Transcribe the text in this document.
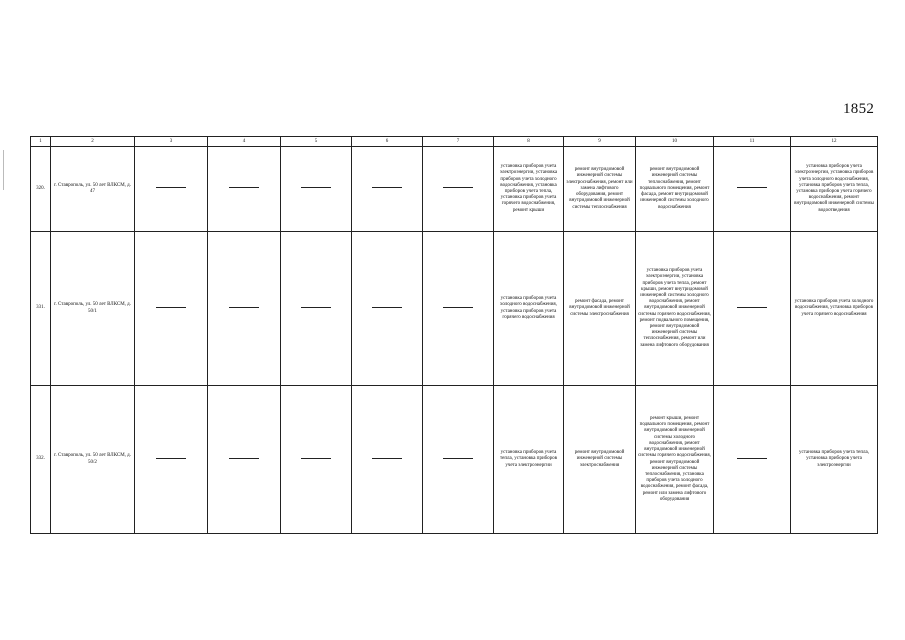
1852
1	2	3	4	5	6	7	8	9	10	11	12
320.	г. Ставрополь, ул. 50 лет ВЛКСМ, д. 47						установка приборов учета электроэнергии, установка приборов учета холодного водоснабжения, установка приборов учета тепла, установка приборов учета горячего водоснабжения, ремонт крыши	ремонт внутридомовой инженерной системы электроснабжения, ремонт или замена лифтового оборудования, ремонт внутридомовой инженерной системы теплоснабжения	ремонт внутридомовой инженерной системы теплоснабжения, ремонт подвального помещения, ремонт фасада, ремонт внутридомовой инженерной системы холодного водоснабжения		установка приборов учета электроэнергии, установка приборов учета холодного водоснабжения, установка приборов учета тепла, установка приборов учета горячего водоснабжения, ремонт внутридомовой инженерной системы водоотведения
331.	г. Ставрополь, ул. 50 лет ВЛКСМ, д. 50/1						установка приборов учета холодного водоснабжения, установка приборов учета горячего водоснабжения	ремонт фасада, ремонт внутридомовой инженерной системы электроснабжения	установка приборов учета электроэнергии, установка приборов учета тепла, ремонт крыши, ремонт внутридомовой инженерной системы холодного водоснабжения, ремонт внутридомовой инженерной системы горячего водоснабжения, ремонт подвального помещения, ремонт внутридомовой инженерной системы теплоснабжения, ремонт или замена лифтового оборудования		установка приборов учета холодного водоснабжения, установка приборов учета горячего водоснабжения
332.	г. Ставрополь, ул. 50 лет ВЛКСМ, д. 50/2						установка приборов учета тепла, установка приборов учета электроэнергии	ремонт внутридомовой инженерной системы электроснабжения	ремонт крыши, ремонт подвального помещения, ремонт внутридомовой инженерной системы холодного водоснабжения, ремонт внутридомовой инженерной системы горячего водоснабжения, ремонт внутридомовой инженерной системы теплоснабжения, установка приборов учета холодного водоснабжения, ремонт фасада, ремонт или замена лифтового оборудования		установка приборов учета тепла, установка приборов учета электроэнергии
